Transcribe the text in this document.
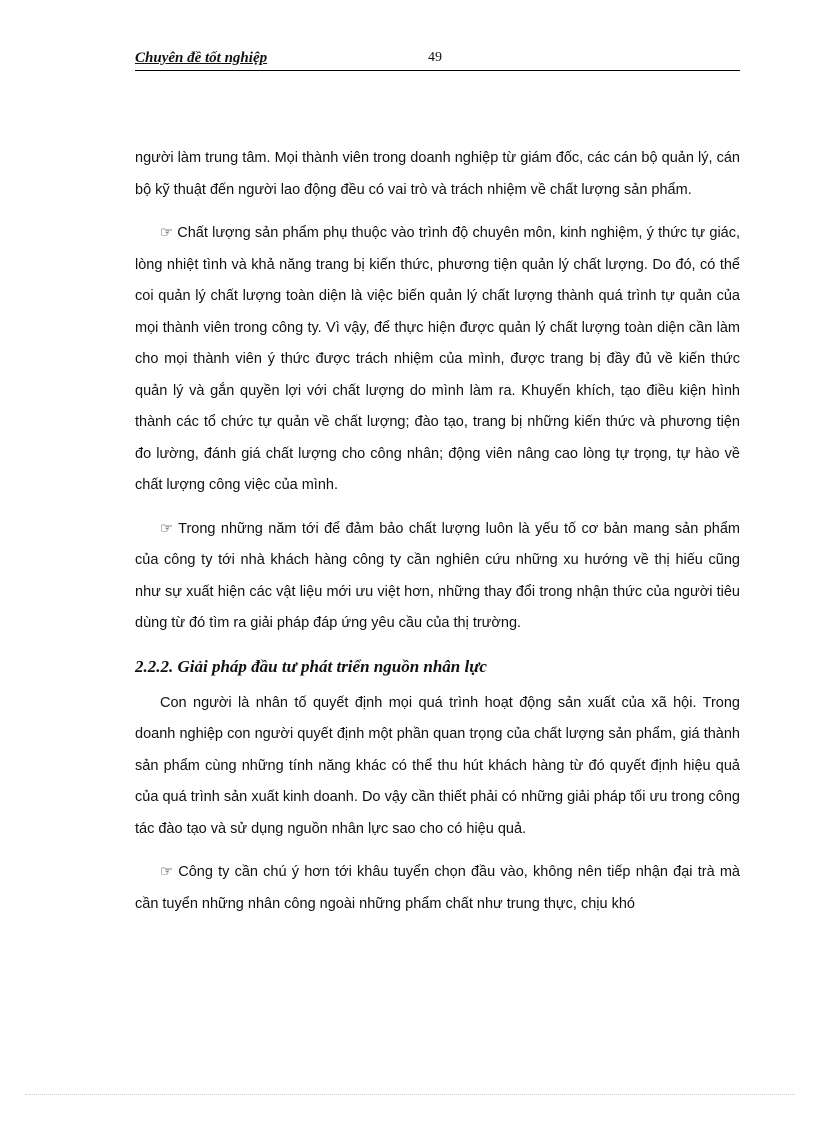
Chuyên đề tốt nghiệp	49

người làm trung tâm. Mọi thành viên trong doanh nghiệp từ giám đốc, các cán bộ quản lý, cán bộ kỹ thuật đến người lao động đều có vai trò và trách nhiệm về chất lượng sản phẩm.

☞ Chất lượng sản phẩm phụ thuộc vào trình độ chuyên môn, kinh nghiệm, ý thức tự giác, lòng nhiệt tình và khả năng trang bị kiến thức, phương tiện quản lý chất lượng. Do đó, có thể coi quản lý chất lượng toàn diện là việc biến quản lý chất lượng thành quá trình tự quản của mọi thành viên trong công ty. Vì vậy, để thực hiện được quản lý chất lượng toàn diện cần làm cho mọi thành viên ý thức được trách nhiệm của mình, được trang bị đầy đủ về kiến thức quản lý và gắn quyền lợi với chất lượng do mình làm ra. Khuyến khích, tạo điều kiện hình thành các tổ chức tự quản về chất lượng; đào tạo, trang bị những kiến thức và phương tiện đo lường, đánh giá chất lượng cho công nhân; động viên nâng cao lòng tự trọng, tự hào về chất lượng công việc của mình.

☞ Trong những năm tới để đảm bảo chất lượng luôn là yếu tố cơ bản mang sản phẩm của công ty tới nhà khách hàng công ty cần nghiên cứu những xu hướng về thị hiếu cũng như sự xuất hiện các vật liệu mới ưu việt hơn, những thay đổi trong nhận thức của người tiêu dùng từ đó tìm ra giải pháp đáp ứng yêu cầu của thị trường.

2.2.2. Giải pháp đầu tư phát triển nguồn nhân lực

Con người là nhân tố quyết định mọi quá trình hoạt động sản xuất của xã hội. Trong doanh nghiệp con người quyết định một phần quan trọng của chất lượng sản phẩm, giá thành sản phẩm cùng những tính năng khác có thể thu hút khách hàng từ đó quyết định hiệu quả của quá trình sản xuất kinh doanh. Do vậy cần thiết phải có những giải pháp tối ưu trong công tác đào tạo và sử dụng nguồn nhân lực sao cho có hiệu quả.

☞ Công ty cần chú ý hơn tới khâu tuyển chọn đầu vào, không nên tiếp nhận đại trà mà cần tuyển những nhân công ngoài những phẩm chất như trung thực, chịu khó
